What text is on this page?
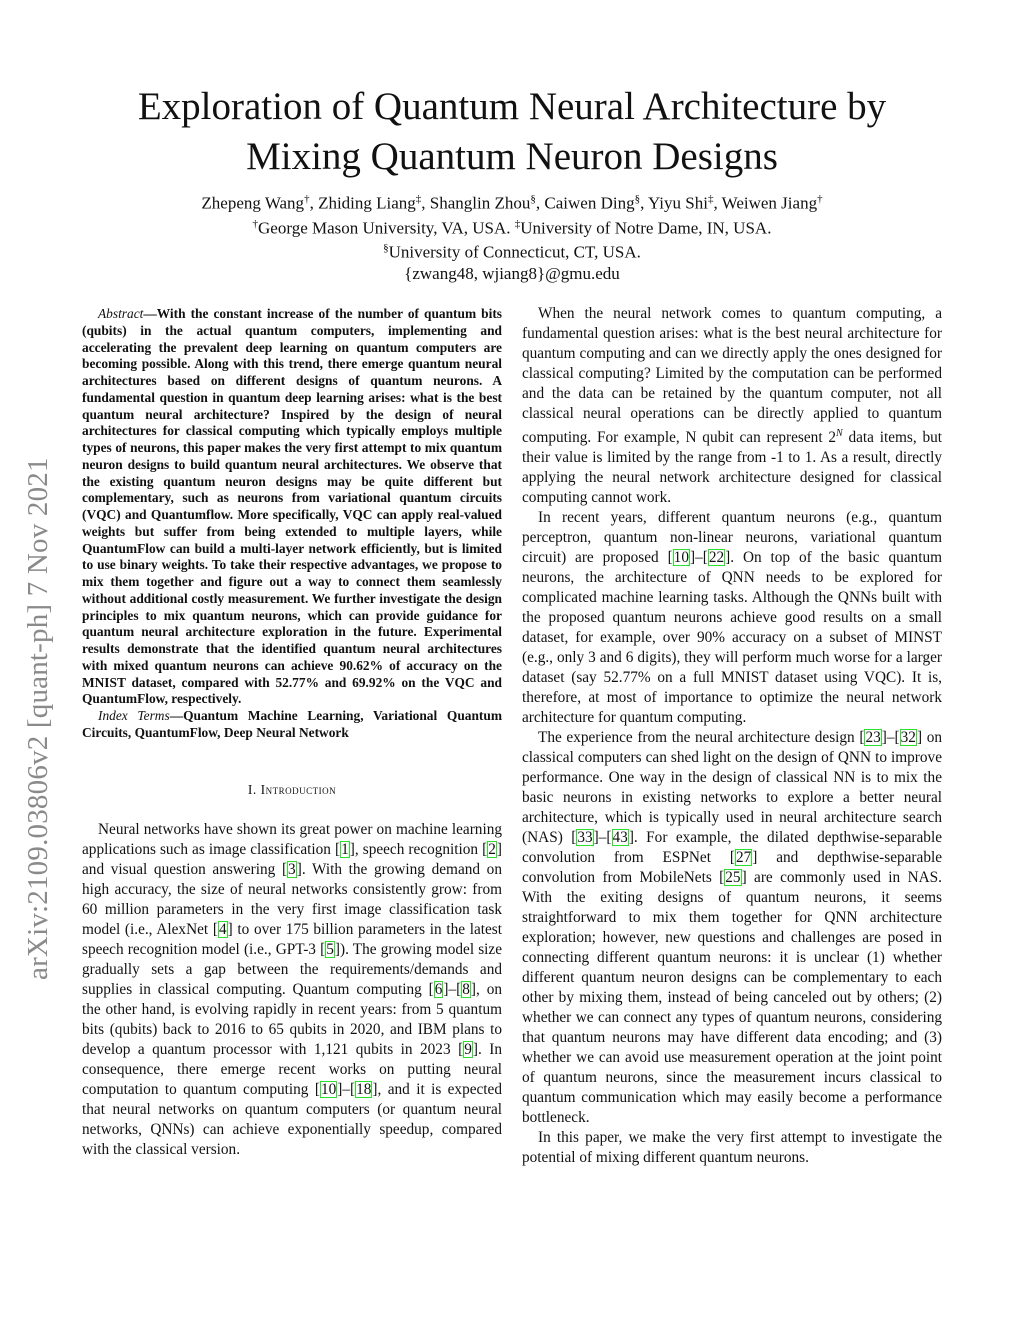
arXiv:2109.03806v2 [quant-ph] 7 Nov 2021
Exploration of Quantum Neural Architecture by
Mixing Quantum Neuron Designs
Zhepeng Wang†, Zhiding Liang‡, Shanglin Zhou§, Caiwen Ding§, Yiyu Shi‡, Weiwen Jiang†
†George Mason University, VA, USA. ‡University of Notre Dame, IN, USA.
§University of Connecticut, CT, USA.
{zwang48, wjiang8}@gmu.edu

Abstract—With the constant increase of the number of quantum bits (qubits) in the actual quantum computers, implementing and accelerating the prevalent deep learning on quantum computers are becoming possible. Along with this trend, there emerge quantum neural architectures based on different designs of quantum neurons. A fundamental question in quantum deep learning arises: what is the best quantum neural architecture? Inspired by the design of neural architectures for classical computing which typically employs multiple types of neurons, this paper makes the very first attempt to mix quantum neuron designs to build quantum neural architectures. We observe that the existing quantum neuron designs may be quite different but complementary, such as neurons from variational quantum circuits (VQC) and Quantumflow. More specifically, VQC can apply real-valued weights but suffer from being extended to multiple layers, while QuantumFlow can build a multi-layer network efficiently, but is limited to use binary weights. To take their respective advantages, we propose to mix them together and figure out a way to connect them seamlessly without additional costly measurement. We further investigate the design principles to mix quantum neurons, which can provide guidance for quantum neural architecture exploration in the future. Experimental results demonstrate that the identified quantum neural architectures with mixed quantum neurons can achieve 90.62% of accuracy on the MNIST dataset, compared with 52.77% and 69.92% on the VQC and QuantumFlow, respectively.

Index Terms—Quantum Machine Learning, Variational Quantum Circuits, QuantumFlow, Deep Neural Network

I. Introduction

Neural networks have shown its great power on machine learning applications such as image classification [1], speech recognition [2] and visual question answering [3]. With the growing demand on high accuracy, the size of neural networks consistently grow: from 60 million parameters in the very first image classification task model (i.e., AlexNet [4] to over 175 billion parameters in the latest speech recognition model (i.e., GPT-3 [5]). The growing model size gradually sets a gap between the requirements/demands and supplies in classical computing. Quantum computing [6]–[8], on the other hand, is evolving rapidly in recent years: from 5 quantum bits (qubits) back to 2016 to 65 qubits in 2020, and IBM plans to develop a quantum processor with 1,121 qubits in 2023 [9]. In consequence, there emerge recent works on putting neural computation to quantum computing [10]–[18], and it is expected that neural networks on quantum computers (or quantum neural networks, QNNs) can achieve exponentially speedup, compared with the classical version.

When the neural network comes to quantum computing, a fundamental question arises: what is the best neural architecture for quantum computing and can we directly apply the ones designed for classical computing? Limited by the computation can be performed and the data can be retained by the quantum computer, not all classical neural operations can be directly applied to quantum computing. For example, N qubit can represent $2^N$ data items, but their value is limited by the range from -1 to 1. As a result, directly applying the neural network architecture designed for classical computing cannot work.

In recent years, different quantum neurons (e.g., quantum perceptron, quantum non-linear neurons, variational quantum circuit) are proposed [10]–[22]. On top of the basic quantum neurons, the architecture of QNN needs to be explored for complicated machine learning tasks. Although the QNNs built with the proposed quantum neurons achieve good results on a small dataset, for example, over 90% accuracy on a subset of MINST (e.g., only 3 and 6 digits), they will perform much worse for a larger dataset (say 52.77% on a full MNIST dataset using VQC). It is, therefore, at most of importance to optimize the neural network architecture for quantum computing.

The experience from the neural architecture design [23]–[32] on classical computers can shed light on the design of QNN to improve performance. One way in the design of classical NN is to mix the basic neurons in existing networks to explore a better neural architecture, which is typically used in neural architecture search (NAS) [33]–[43]. For example, the dilated depthwise-separable convolution from ESPNet [27] and depthwise-separable convolution from MobileNets [25] are commonly used in NAS. With the exiting designs of quantum neurons, it seems straightforward to mix them together for QNN architecture exploration; however, new questions and challenges are posed in connecting different quantum neurons: it is unclear (1) whether different quantum neuron designs can be complementary to each other by mixing them, instead of being canceled out by others; (2) whether we can connect any types of quantum neurons, considering that quantum neurons may have different data encoding; and (3) whether we can avoid use measurement operation at the joint point of quantum neurons, since the measurement incurs classical to quantum communication which may easily become a performance bottleneck.

In this paper, we make the very first attempt to investigate the potential of mixing different quantum neurons.
